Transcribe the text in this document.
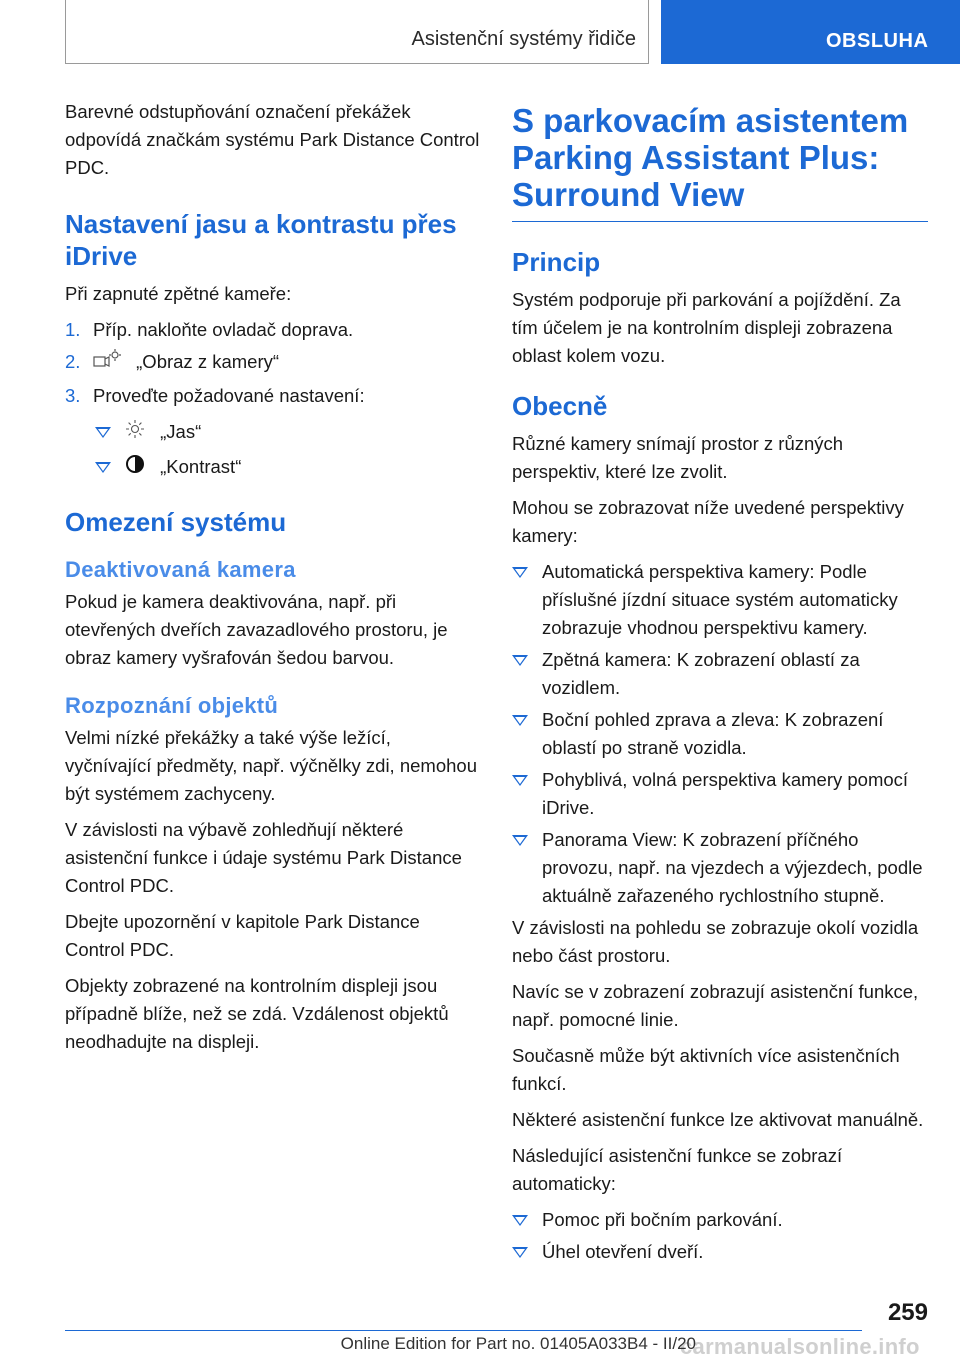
Asistenční systémy řidiče	OBSLUHA

Barevné odstupňování označení překážek odpovídá značkám systému Park Distance Control PDC.

Nastavení jasu a kontrastu přes iDrive

Při zapnuté zpětné kameře:

1. Příp. nakloňte ovladač doprava.
2.	„Obraz z kamery“
3. Proveďte požadované nastavení:
„Jas“
„Kontrast“
Omezení systému
Deaktivovaná kamera

Pokud je kamera deaktivována, např. při otevřených dveřích zavazadlového prostoru, je obraz kamery vyšrafován šedou barvou.

Rozpoznání objektů

Velmi nízké překážky a také výše ležící, vyčnívající předměty, např. výčnělky zdi, nemohou být systémem zachyceny.

V závislosti na výbavě zohledňují některé asistenční funkce i údaje systému Park Distance Control PDC.

Dbejte upozornění v kapitole Park Distance Control PDC.

Objekty zobrazené na kontrolním displeji jsou případně blíže, než se zdá. Vzdálenost objektů neodhadujte na displeji.

S parkovacím asistentem Parking Assistant Plus: Surround View
Princip

Systém podporuje při parkování a pojíždění. Za tím účelem je na kontrolním displeji zobrazena oblast kolem vozu.

Obecně

Různé kamery snímají prostor z různých perspektiv, které lze zvolit.

Mohou se zobrazovat níže uvedené perspektivy kamery:

Automatická perspektiva kamery: Podle příslušné jízdní situace systém automaticky zobrazuje vhodnou perspektivu kamery.
Zpětná kamera: K zobrazení oblastí za vozidlem.
Boční pohled zprava a zleva: K zobrazení oblastí po straně vozidla.
Pohyblivá, volná perspektiva kamery pomocí iDrive.
Panorama View: K zobrazení příčného provozu, např. na vjezdech a výjezdech, podle aktuálně zařazeného rychlostního stupně.

V závislosti na pohledu se zobrazuje okolí vozidla nebo část prostoru.

Navíc se v zobrazení zobrazují asistenční funkce, např. pomocné linie.

Současně může být aktivních více asistenčních funkcí.

Některé asistenční funkce lze aktivovat manuálně.

Následující asistenční funkce se zobrazí automaticky:

Pomoc při bočním parkování.
Úhel otevření dveří.
259
carmanualsonline.info
Online Edition for Part no. 01405A033B4 - II/20
